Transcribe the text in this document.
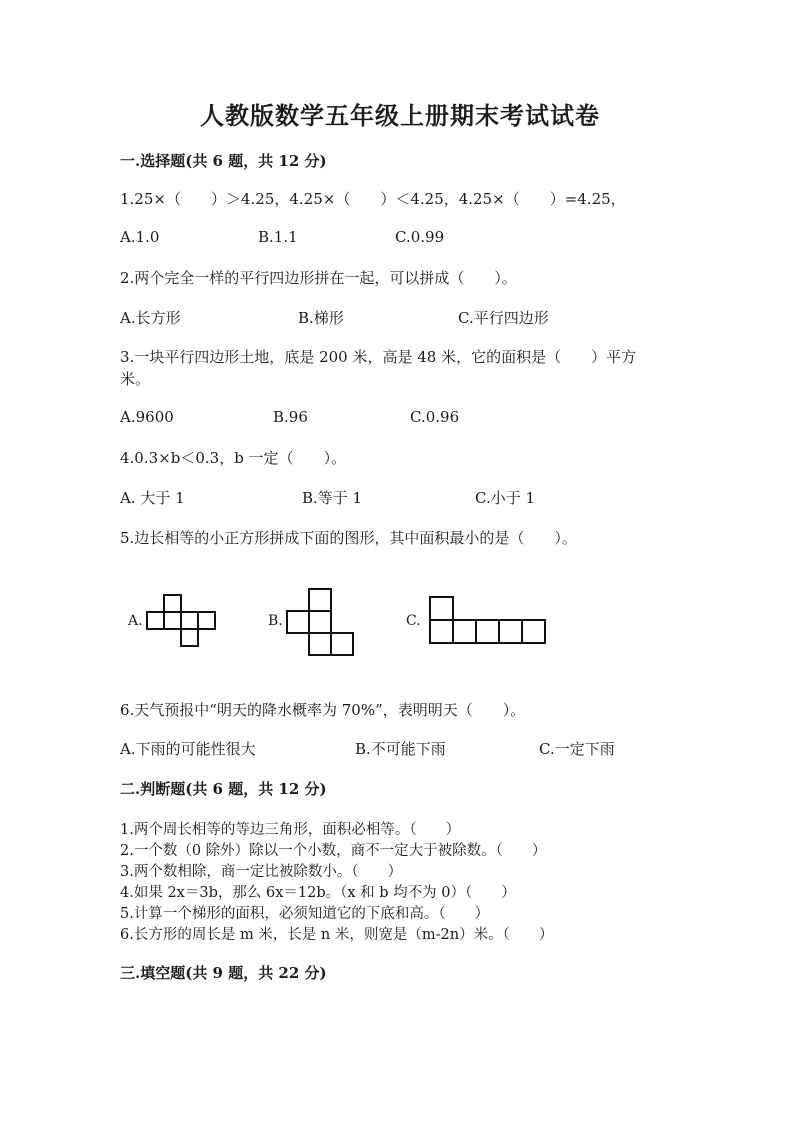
人教版数学五年级上册期末考试试卷
一.选择题(共 6 题，共 12 分)
1.25×（　　）＞4.25，4.25×（　　）＜4.25，4.25×（　　）=4.25，
A.1.0	B.1.1	C.0.99
2.两个完全一样的平行四边形拼在一起，可以拼成（　　）。
A.长方形	B.梯形	C.平行四边形
3.一块平行四边形土地，底是 200 米，高是 48 米，它的面积是（　　）平方
米。
A.9600	B.96	C.0.96
4.0.3×b＜0.3，b 一定（　　）。
A. 大于 1	B.等于 1	C.小于 1
5.边长相等的小正方形拼成下面的图形，其中面积最小的是（　　）。
A.	B.	C.
6.天气预报中“明天的降水概率为 70%”，表明明天（　　）。
A.下雨的可能性很大	B.不可能下雨	C.一定下雨
二.判断题(共 6 题，共 12 分)
1.两个周长相等的等边三角形，面积必相等。（　　）
2.一个数（0 除外）除以一个小数，商不一定大于被除数。（　　）
3.两个数相除，商一定比被除数小。（　　）
4.如果 2x＝3b，那么 6x＝12b。（x 和 b 均不为 0）（　　）
5.计算一个梯形的面积，必须知道它的下底和高。（　　）
6.长方形的周长是 m 米，长是 n 米，则宽是（m-2n）米。（　　）
三.填空题(共 9 题，共 22 分)
